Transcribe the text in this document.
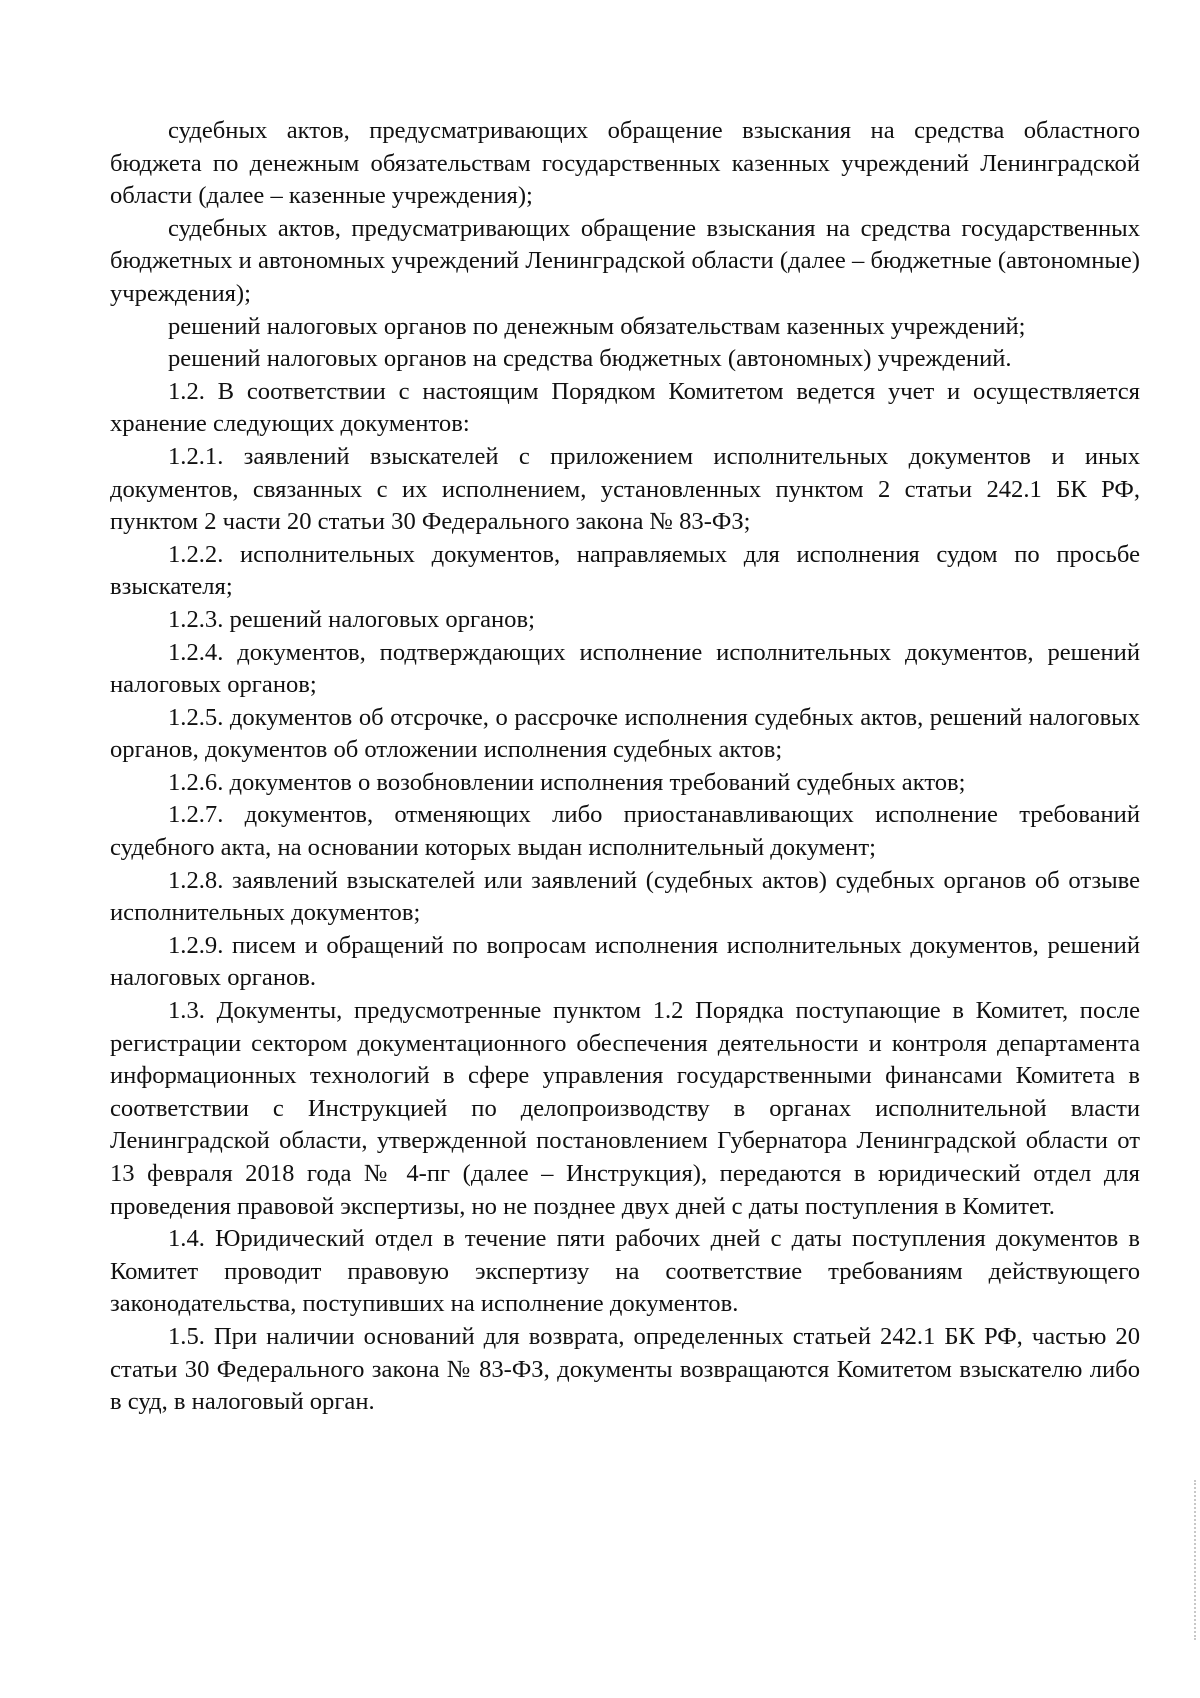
судебных актов, предусматривающих обращение взыскания на средства областного бюджета по денежным обязательствам государственных казенных учреждений Ленинградской области (далее – казенные учреждения);

судебных актов, предусматривающих обращение взыскания на средства государственных бюджетных и автономных учреждений Ленинградской области (далее – бюджетные (автономные) учреждения);

решений налоговых органов по денежным обязательствам казенных учреждений;

решений налоговых органов на средства бюджетных (автономных) учреждений.

1.2. В соответствии с настоящим Порядком Комитетом ведется учет и осуществляется хранение следующих документов:

1.2.1. заявлений взыскателей с приложением исполнительных документов и иных документов, связанных с их исполнением, установленных пунктом 2 статьи 242.1 БК РФ, пунктом 2 части 20 статьи 30 Федерального закона № 83-ФЗ;

1.2.2. исполнительных документов, направляемых для исполнения судом по просьбе взыскателя;

1.2.3. решений налоговых органов;

1.2.4. документов, подтверждающих исполнение исполнительных документов, решений налоговых органов;

1.2.5. документов об отсрочке, о рассрочке исполнения судебных актов, решений налоговых органов, документов об отложении исполнения судебных актов;

1.2.6. документов о возобновлении исполнения требований судебных актов;

1.2.7. документов, отменяющих либо приостанавливающих исполнение требований судебного акта, на основании которых выдан исполнительный документ;

1.2.8. заявлений взыскателей или заявлений (судебных актов) судебных органов об отзыве исполнительных документов;

1.2.9. писем и обращений по вопросам исполнения исполнительных документов, решений налоговых органов.

1.3. Документы, предусмотренные пунктом 1.2 Порядка поступающие в Комитет, после регистрации сектором документационного обеспечения деятельности и контроля департамента информационных технологий в сфере управления государственными финансами Комитета в соответствии с Инструкцией по делопроизводству в органах исполнительной власти Ленинградской области, утвержденной постановлением Губернатора Ленинградской области от 13 февраля 2018 года № 4-пг (далее – Инструкция), передаются в юридический отдел для проведения правовой экспертизы, но не позднее двух дней с даты поступления в Комитет.

1.4. Юридический отдел в течение пяти рабочих дней с даты поступления документов в Комитет проводит правовую экспертизу на соответствие требованиям действующего законодательства, поступивших на исполнение документов.

1.5. При наличии оснований для возврата, определенных статьей 242.1 БК РФ, частью 20 статьи 30 Федерального закона № 83-ФЗ, документы возвращаются Комитетом взыскателю либо в суд, в налоговый орган.
